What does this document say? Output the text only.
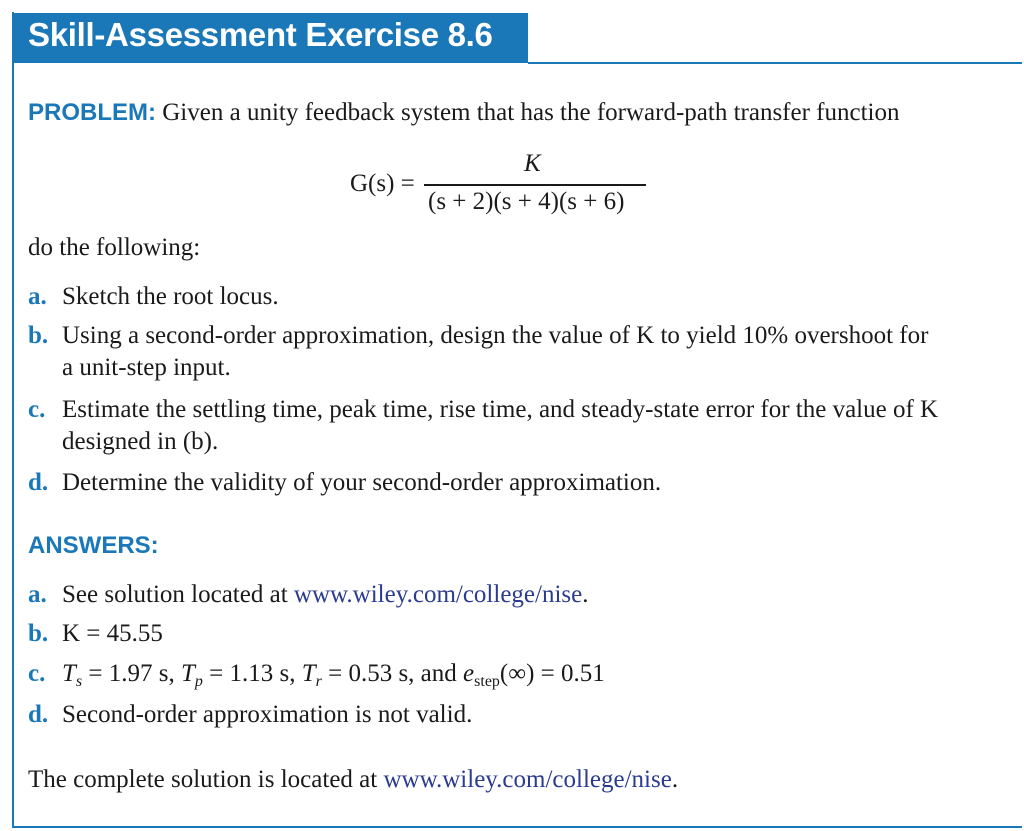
Skill-Assessment Exercise 8.6
PROBLEM: Given a unity feedback system that has the forward-path transfer function
G(s) =
K
(s + 2)(s + 4)(s + 6)
do the following:
a. Sketch the root locus.
b. Using a second-order approximation, design the value of K to yield 10% overshoot for
a unit-step input.
c. Estimate the settling time, peak time, rise time, and steady-state error for the value of K
designed in (b).
d. Determine the validity of your second-order approximation.
ANSWERS:
a. See solution located at www.wiley.com/college/nise.
b. K = 45.55
c. $T_s = 1.97$ s, $T_p = 1.13$ s, $T_r = 0.53$ s, and $e_{step}(\infty) = 0.51$
d. Second-order approximation is not valid.
The complete solution is located at www.wiley.com/college/nise.
